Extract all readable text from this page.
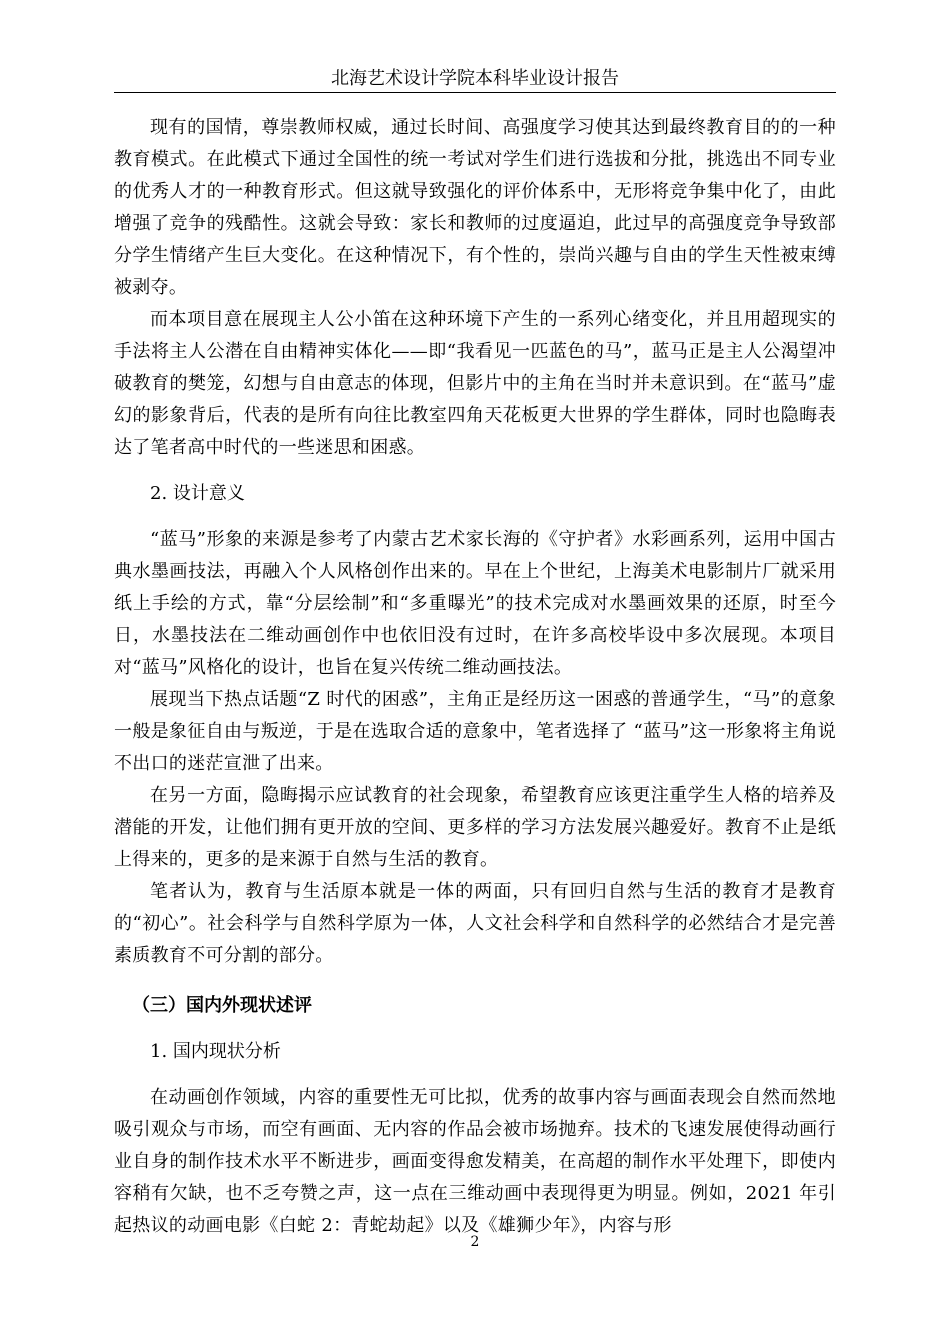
北海艺术设计学院本科毕业设计报告

现有的国情，尊崇教师权威，通过长时间、高强度学习使其达到最终教育目的的一种教育模式。在此模式下通过全国性的统一考试对学生们进行选拔和分批，挑选出不同专业的优秀人才的一种教育形式。但这就导致强化的评价体系中，无形将竞争集中化了，由此增强了竞争的残酷性。这就会导致：家长和教师的过度逼迫，此过早的高强度竞争导致部分学生情绪产生巨大变化。在这种情况下，有个性的，崇尚兴趣与自由的学生天性被束缚被剥夺。

而本项目意在展现主人公小笛在这种环境下产生的一系列心绪变化，并且用超现实的手法将主人公潜在自由精神实体化——即“我看见一匹蓝色的马”，蓝马正是主人公渴望冲破教育的樊笼，幻想与自由意志的体现，但影片中的主角在当时并未意识到。在“蓝马”虚幻的影象背后，代表的是所有向往比教室四角天花板更大世界的学生群体，同时也隐晦表达了笔者高中时代的一些迷思和困惑。

2. 设计意义

“蓝马”形象的来源是参考了内蒙古艺术家长海的《守护者》水彩画系列，运用中国古典水墨画技法，再融入个人风格创作出来的。早在上个世纪，上海美术电影制片厂就采用纸上手绘的方式，靠“分层绘制”和“多重曝光”的技术完成对水墨画效果的还原，时至今日，水墨技法在二维动画创作中也依旧没有过时，在许多高校毕设中多次展现。本项目对“蓝马”风格化的设计，也旨在复兴传统二维动画技法。

展现当下热点话题“Z 时代的困惑”，主角正是经历这一困惑的普通学生，“马”的意象一般是象征自由与叛逆，于是在选取合适的意象中，笔者选择了 “蓝马”这一形象将主角说不出口的迷茫宣泄了出来。

在另一方面，隐晦揭示应试教育的社会现象，希望教育应该更注重学生人格的培养及潜能的开发，让他们拥有更开放的空间、更多样的学习方法发展兴趣爱好。教育不止是纸上得来的，更多的是来源于自然与生活的教育。

笔者认为，教育与生活原本就是一体的两面，只有回归自然与生活的教育才是教育的“初心”。社会科学与自然科学原为一体，人文社会科学和自然科学的必然结合才是完善素质教育不可分割的部分。

（三）国内外现状述评

1. 国内现状分析

在动画创作领域，内容的重要性无可比拟，优秀的故事内容与画面表现会自然而然地吸引观众与市场，而空有画面、无内容的作品会被市场抛弃。技术的飞速发展使得动画行业自身的制作技术水平不断进步，画面变得愈发精美，在高超的制作水平处理下，即使内容稍有欠缺，也不乏夸赞之声，这一点在三维动画中表现得更为明显。例如，2021 年引起热议的动画电影《白蛇 2：青蛇劫起》以及《雄狮少年》，内容与形

2
